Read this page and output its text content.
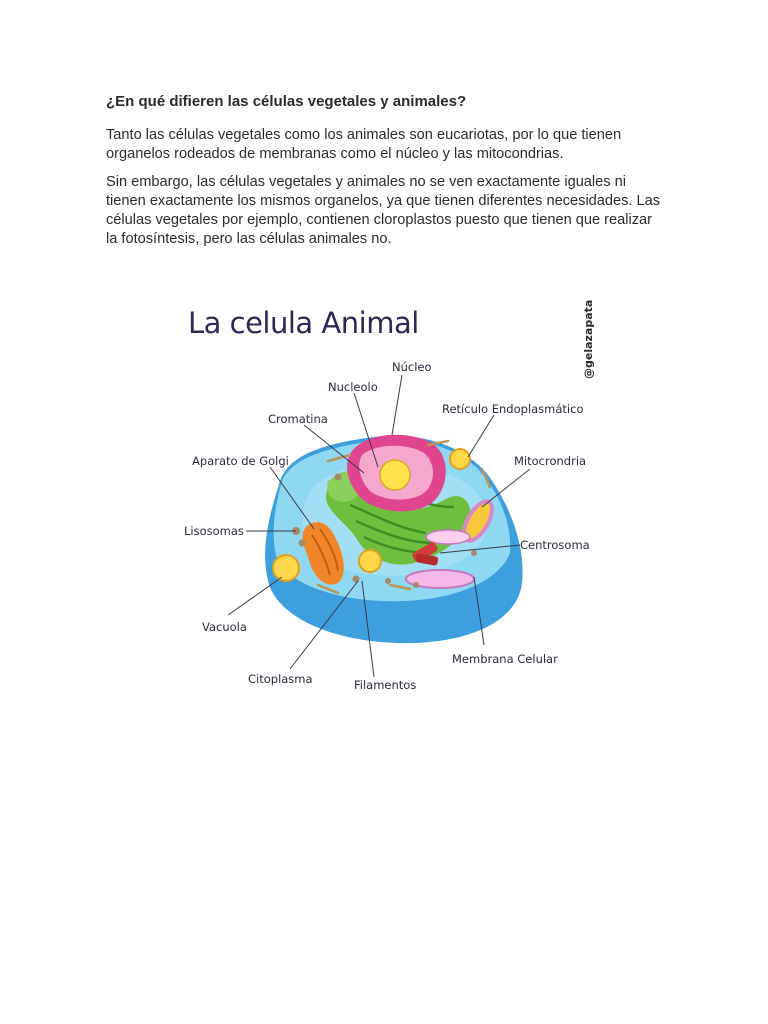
¿En qué difieren las células vegetales y animales?

Tanto las células vegetales como los animales son eucariotas, por lo que tienen organelos rodeados de membranas como el núcleo y las mitocondrias.

Sin embargo, las células vegetales y animales no se ven exactamente iguales ni tienen exactamente los mismos organelos, ya que tienen diferentes necesidades. Las células vegetales por ejemplo, contienen cloroplastos puesto que tienen que realizar la fotosíntesis, pero las células animales no.

La celula Animal	@gelazapata
Núcleo
Nucleolo
Retículo Endoplasmático
Cromatina
Aparato de Golgi	Mitocrondria
Lisosomas
Centrosoma
Vacuola
Membrana Celular
Citoplasma	Filamentos
